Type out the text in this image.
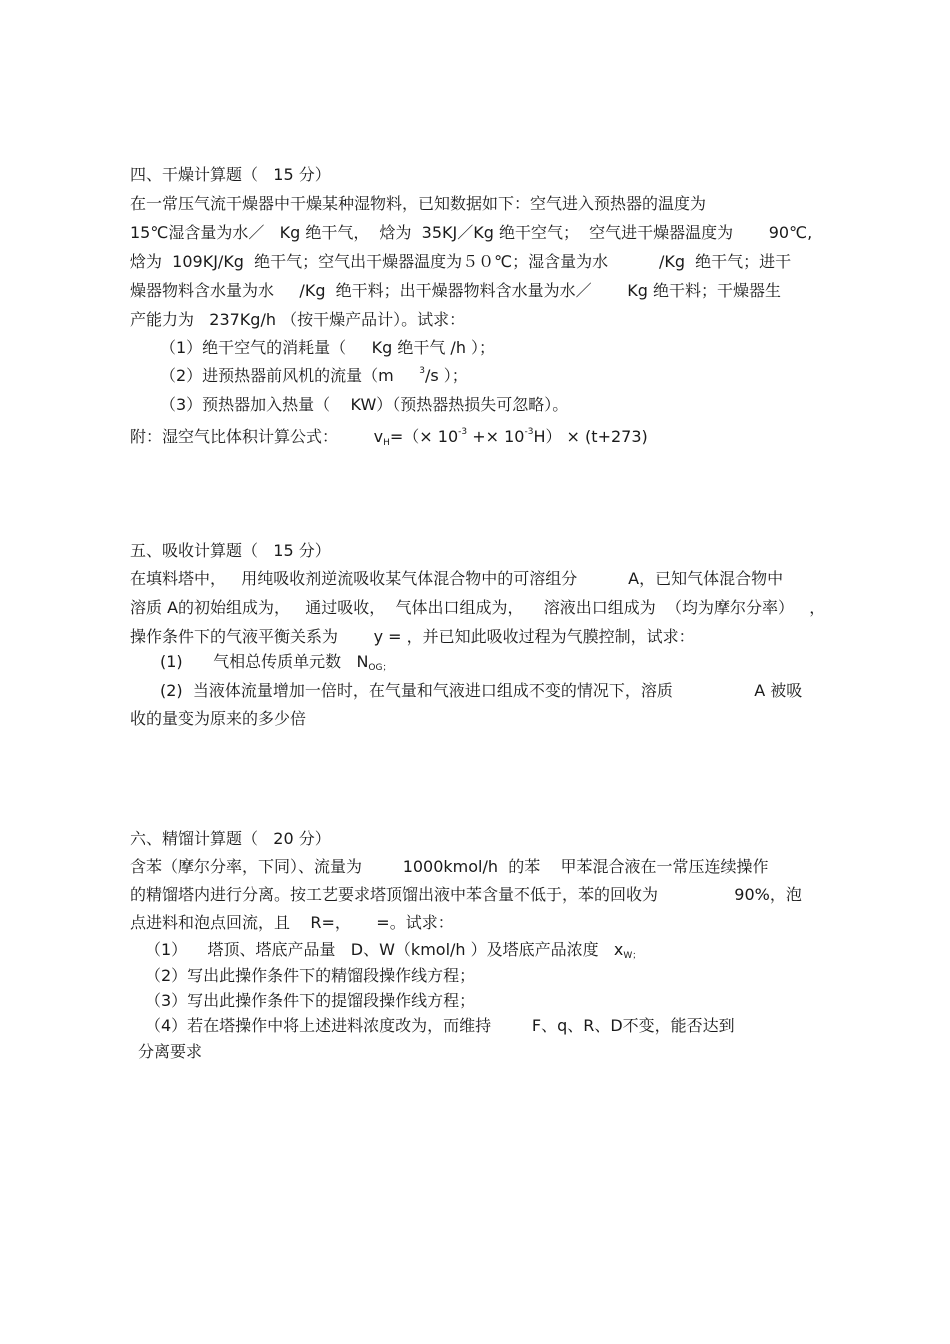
四、干燥计算题（   15 分）
在一常压气流干燥器中干燥某种湿物料，已知数据如下：空气进入预热器的温度为
15℃湿含量为水／   Kg 绝干气，  焓为  35KJ／Kg 绝干空气；  空气进干燥器温度为       90℃,
焓为  109KJ/Kg  绝干气；空气出干燥器温度为５０℃；湿含量为水          /Kg  绝干气；进干
燥器物料含水量为水     /Kg  绝干料；出干燥器物料含水量为水／       Kg 绝干料；干燥器生
产能力为   237Kg/h （按干燥产品计）。试求：
（1）绝干空气的消耗量（     Kg 绝干气 /h ）；
（2）进预热器前风机的流量（m     $^3$/s ）；
（3）预热器加入热量（    KW）（预热器热损失可忽略）。
附：湿空气比体积计算公式：       $v_H=(\times 10^{-3} +\times 10^{-3}H) \times (t+273)$
五、吸收计算题（   15 分）
在填料塔中，   用纯吸收剂逆流吸收某气体混合物中的可溶组分          A，已知气体混合物中
溶质 A的初始组成为，   通过吸收，  气体出口组成为，    溶液出口组成为  （均为摩尔分率）   ，
操作条件下的气液平衡关系为       y = ，并已知此吸收过程为气膜控制，试求：
(1)      气相总传质单元数   $N_{OG;}$
(2)  当液体流量增加一倍时，在气量和气液进口组成不变的情况下，溶质                A 被吸
收的量变为原来的多少倍
六、精馏计算题（   20 分）
含苯（摩尔分率，下同）、流量为        1000kmol/h  的苯    甲苯混合液在一常压连续操作
的精馏塔内进行分离。按工艺要求塔顶馏出液中苯含量不低于，苯的回收为               90%，泡
点进料和泡点回流，且    R=，     =。试求：
（1）    塔顶、塔底产品量   D、W（kmol/h ）及塔底产品浓度   $x_{W;}$
（2）写出此操作条件下的精馏段操作线方程；
（3）写出此操作条件下的提馏段操作线方程；
（4）若在塔操作中将上述进料浓度改为，而维持        F、q、R、D不变，能否达到
分离要求
